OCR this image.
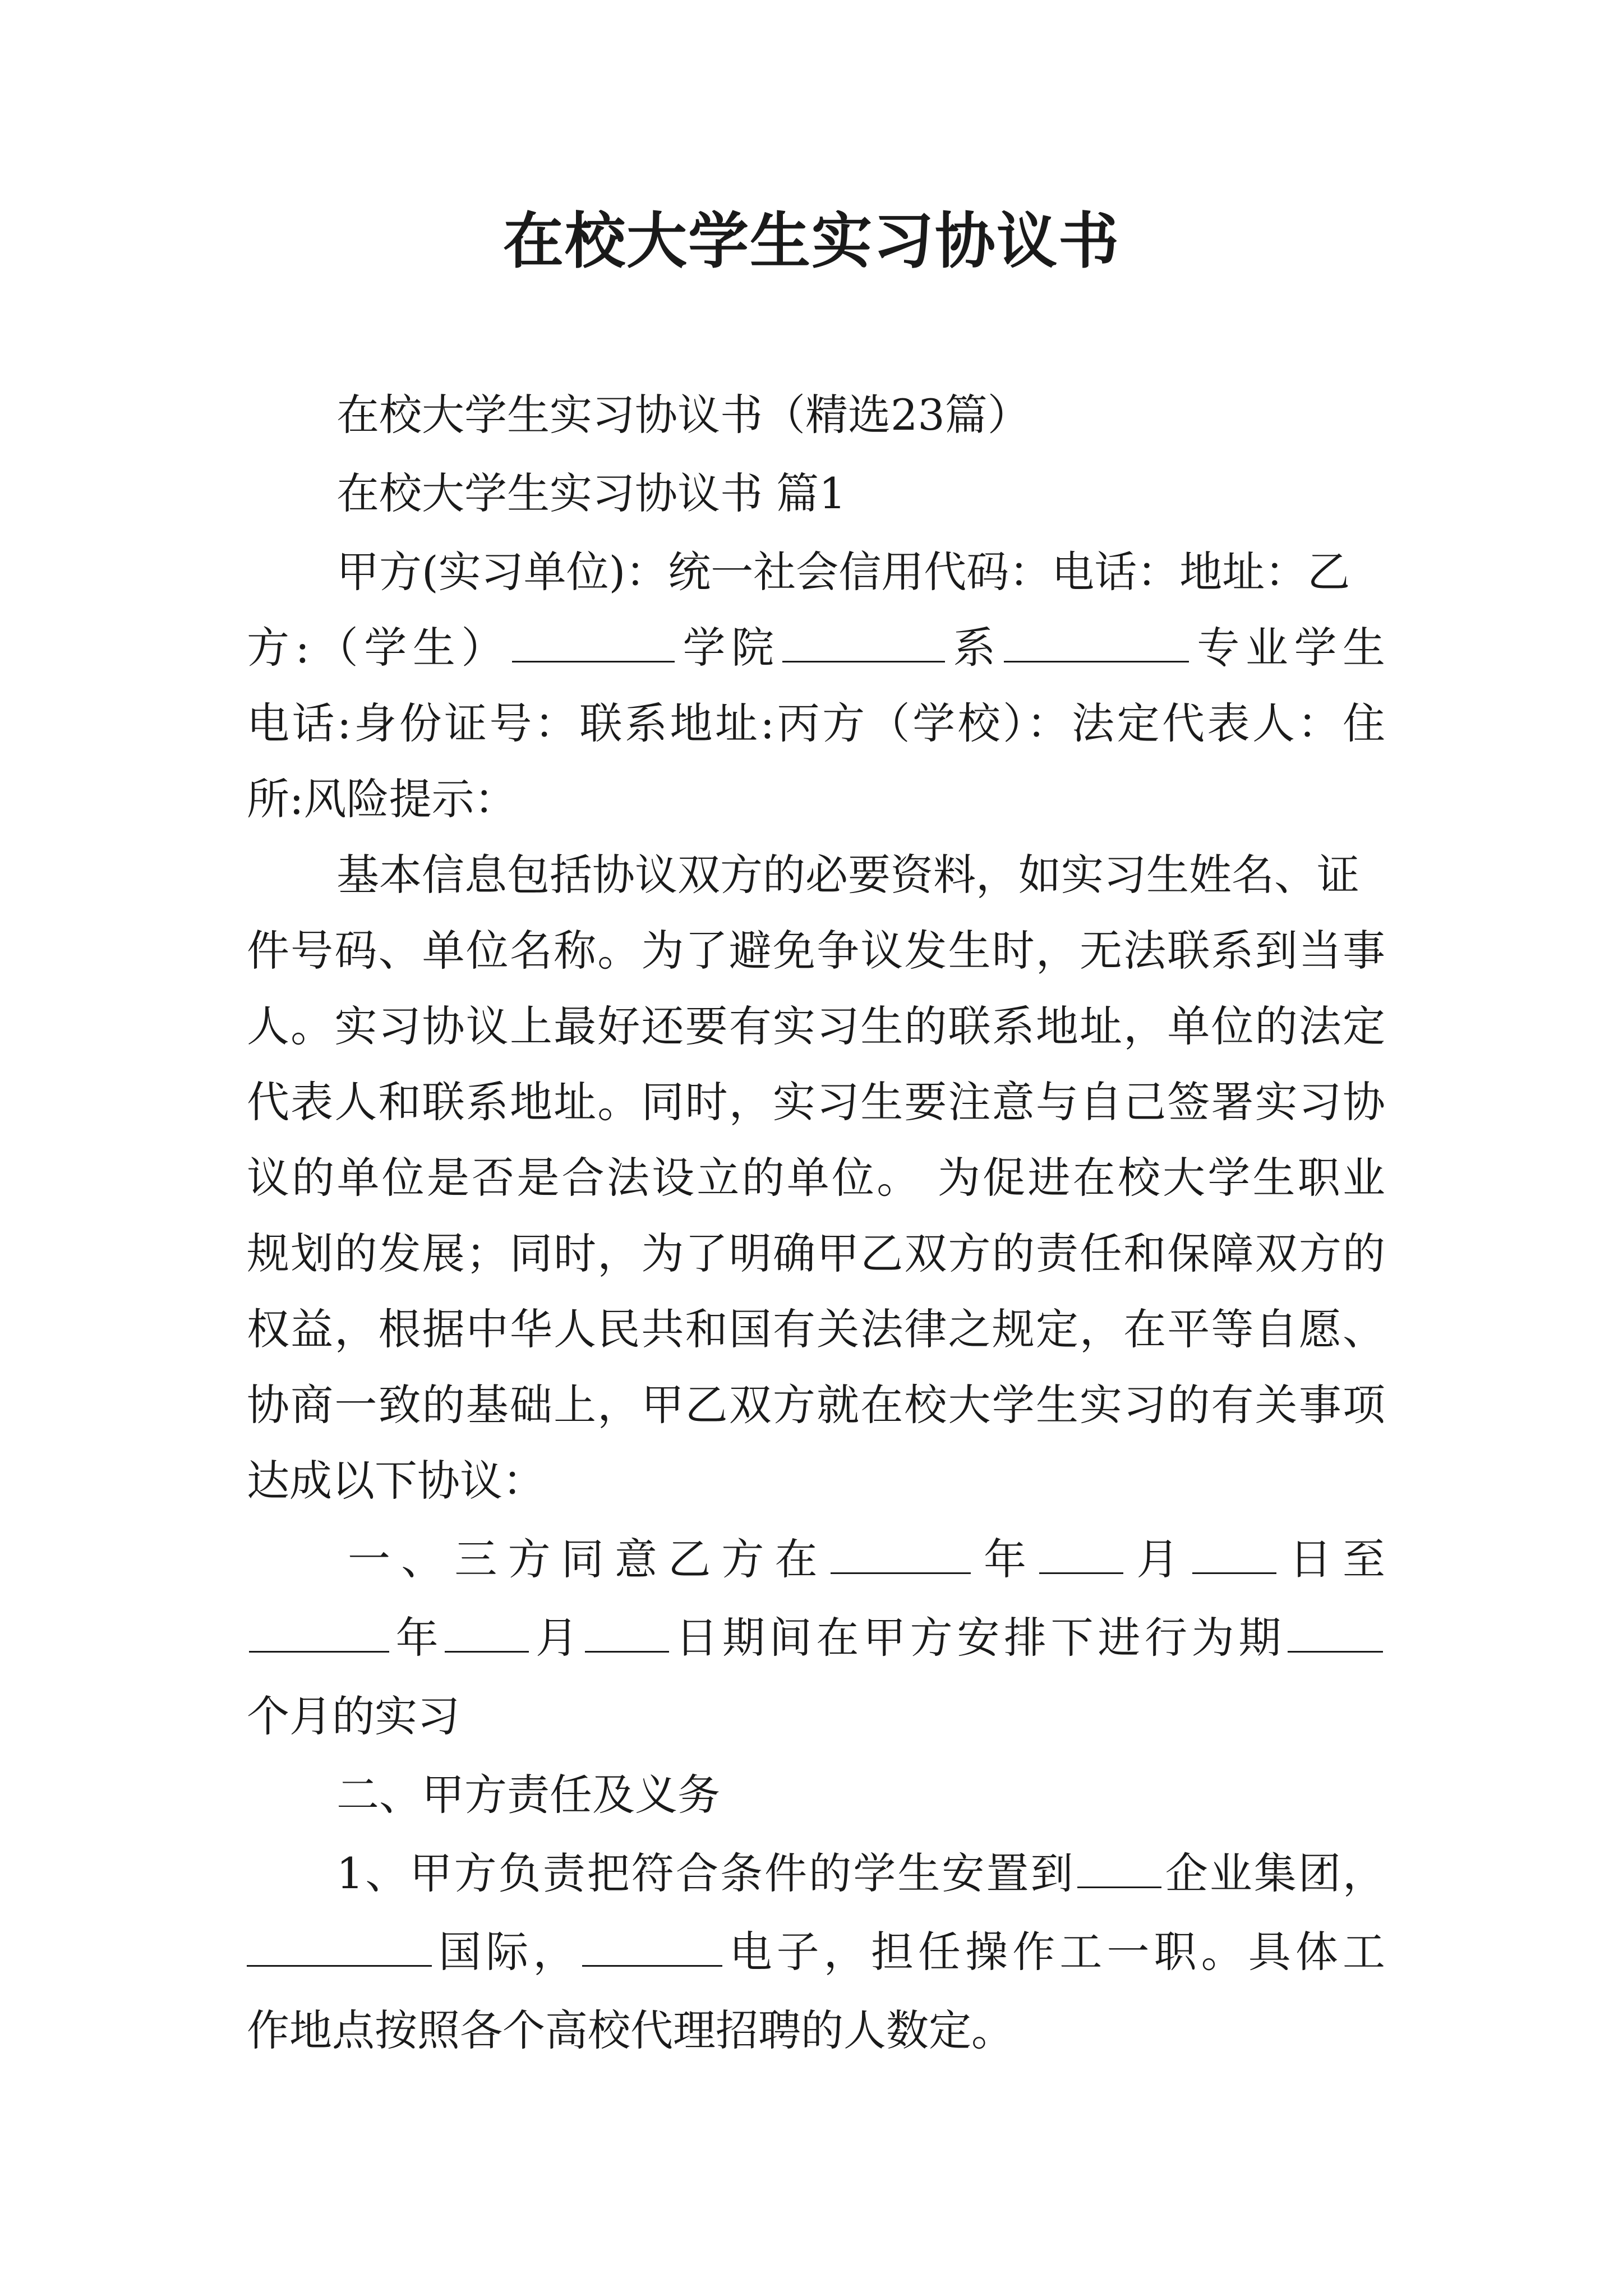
在校大学生实习协议书
在校大学生实习协议书（精选23篇）
在校大学生实习协议书 篇1
甲方(实习单位)：统一社会信用代码：电话：地址：乙
方:（学生）	学院	系	专业学生
电话:身份证号：联系地址:丙方（学校）：法定代表人：住
所:风险提示：
基本信息包括协议双方的必要资料，如实习生姓名、证
件号码、单位名称。为了避免争议发生时，无法联系到当事
人。实习协议上最好还要有实习生的联系地址，单位的法定
代表人和联系地址。同时，实习生要注意与自己签署实习协
议的单位是否是合法设立的单位。 为促进在校大学生职业
规划的发展；同时，为了明确甲乙双方的责任和保障双方的
权益，根据中华人民共和国有关法律之规定，在平等自愿、
协商一致的基础上，甲乙双方就在校大学生实习的有关事项
达成以下协议：
一、三方同意乙方在	年 月 日至
年 月 日期间在甲方安排下进行为期
个月的实习
二、甲方责任及义务
1、甲方负责把符合条件的学生安置到 企业集团，
国际，	电子，担任操作工一职。具体工
作地点按照各个高校代理招聘的人数定。
